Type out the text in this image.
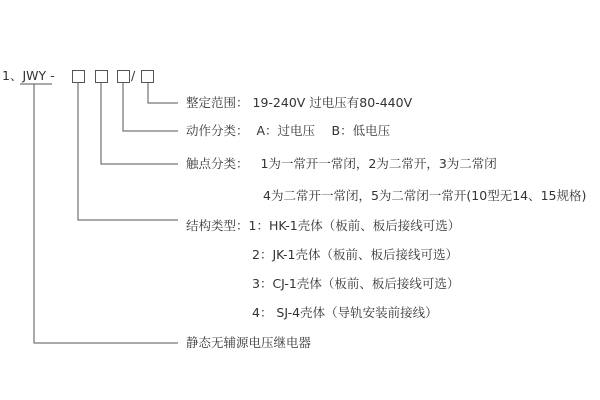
1、JWY -	/
整定范围： 19-240V 过电压有80-440V
动作分类： A：过电压　 B：低电压
触点分类： 1为一常开一常闭，2为二常开，3为二常闭
4为二常开一常闭，5为二常闭一常开(10型无14、15规格)
结构类型：1：HK-1壳体（板前、板后接线可选）
2：JK-1壳体（板前、板后接线可选）
3：CJ-1壳体（板前、板后接线可选）
4： SJ-4壳体（导轨安装前接线）
静态无辅源电压继电器
